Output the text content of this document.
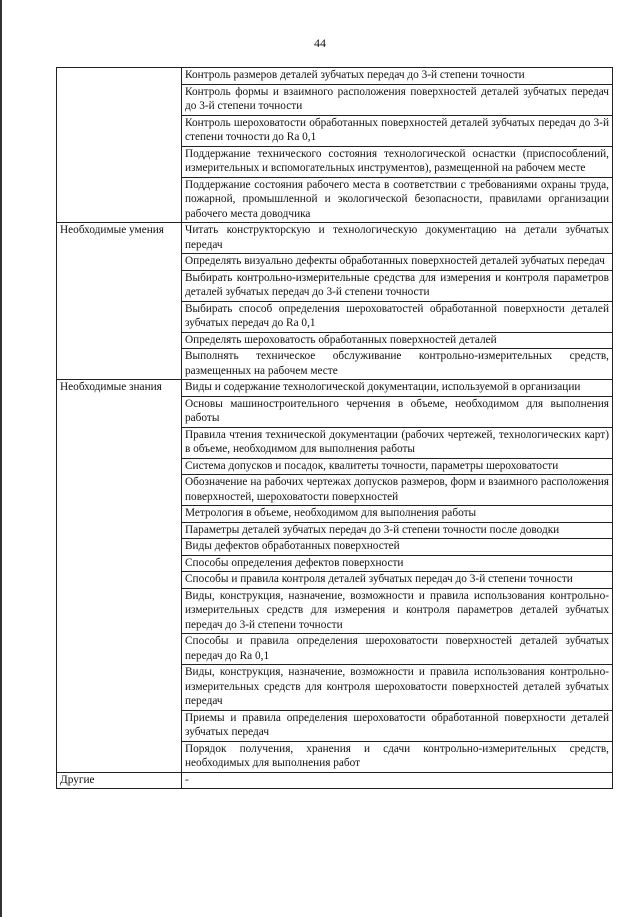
44
	Контроль размеров деталей зубчатых передач до 3-й степени точности
	Контроль формы и взаимного расположения поверхностей деталей зубчатых передач до 3-й степени точности
	Контроль шероховатости обработанных поверхностей деталей зубчатых передач до 3-й степени точности до Ra 0,1
	Поддержание технического состояния технологической оснастки (приспособлений, измерительных и вспомогательных инструментов), размещенной на рабочем месте
	Поддержание состояния рабочего места в соответствии с требованиями охраны труда, пожарной, промышленной и экологической безопасности, правилами организации рабочего места доводчика
Необходимые умения	Читать конструкторскую и технологическую документацию на детали зубчатых передач
	Определять визуально дефекты обработанных поверхностей деталей зубчатых передач
	Выбирать контрольно-измерительные средства для измерения и контроля параметров деталей зубчатых передач до 3-й степени точности
	Выбирать способ определения шероховатостей обработанной поверхности деталей зубчатых передач до Ra 0,1
	Определять шероховатость обработанных поверхностей деталей
	Выполнять техническое обслуживание контрольно-измерительных средств, размещенных на рабочем месте
Необходимые знания	Виды и содержание технологической документации, используемой в организации
	Основы машиностроительного черчения в объеме, необходимом для выполнения работы
	Правила чтения технической документации (рабочих чертежей, технологических карт) в объеме, необходимом для выполнения работы
	Система допусков и посадок, квалитеты точности, параметры шероховатости
	Обозначение на рабочих чертежах допусков размеров, форм и взаимного расположения поверхностей, шероховатости поверхностей
	Метрология в объеме, необходимом для выполнения работы
	Параметры деталей зубчатых передач до 3-й степени точности после доводки
	Виды дефектов обработанных поверхностей
	Способы определения дефектов поверхности
	Способы и правила контроля деталей зубчатых передач до 3-й степени точности
	Виды, конструкция, назначение, возможности и правила использования контрольно-измерительных средств для измерения и контроля параметров деталей зубчатых передач до 3-й степени точности
	Способы и правила определения шероховатости поверхностей деталей зубчатых передач до Ra 0,1
	Виды, конструкция, назначение, возможности и правила использования контрольно-измерительных средств для контроля шероховатости поверхностей деталей зубчатых передач
	Приемы и правила определения шероховатости обработанной поверхности деталей зубчатых передач
	Порядок получения, хранения и сдачи контрольно-измерительных средств, необходимых для выполнения работ
Другие	-
